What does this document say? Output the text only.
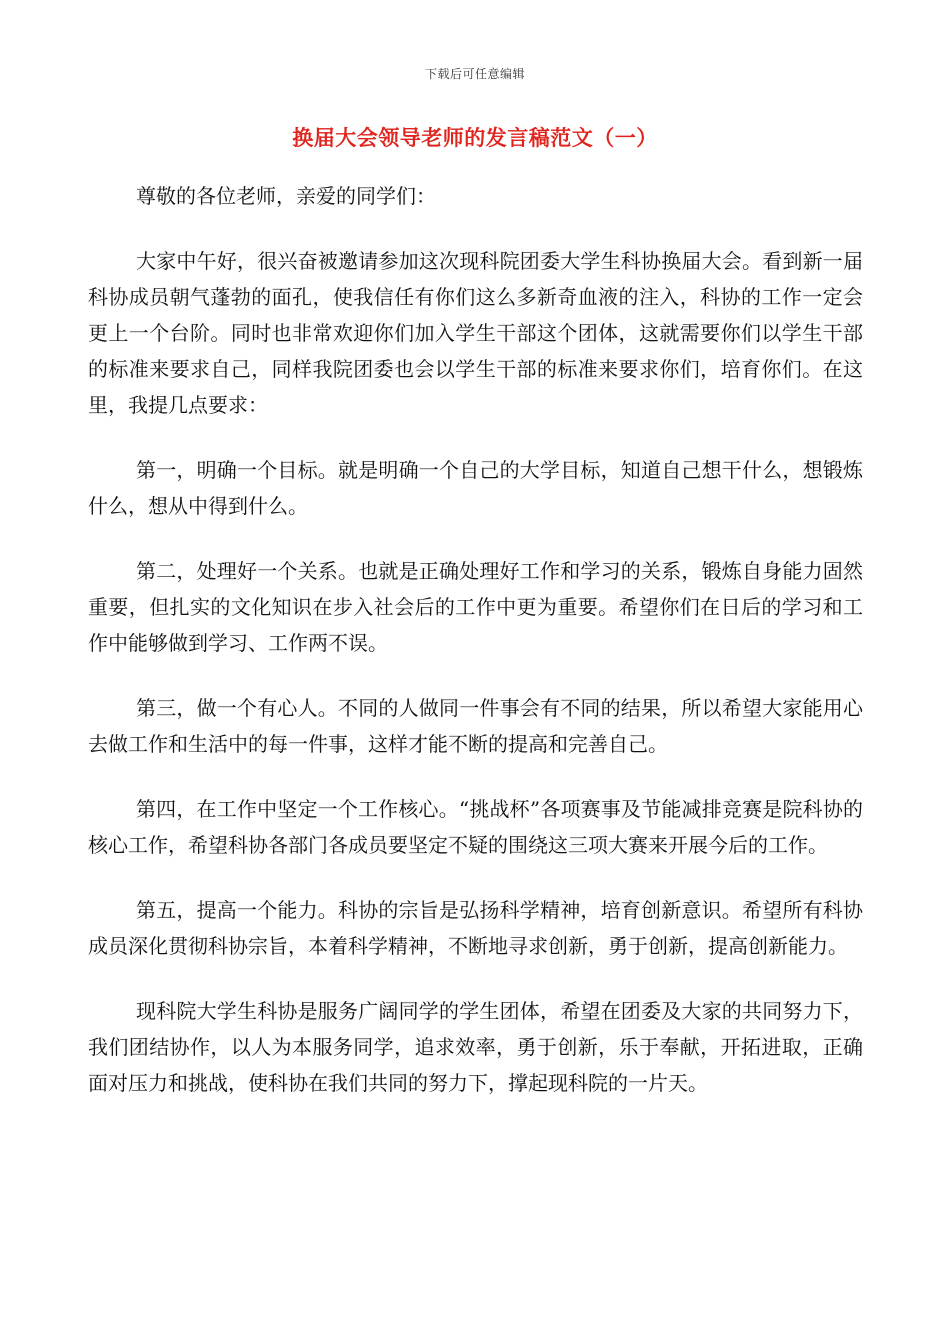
下载后可任意编辑
换届大会领导老师的发言稿范文（一）

尊敬的各位老师，亲爱的同学们：

大家中午好，很兴奋被邀请参加这次现科院团委大学生科协换届大会。看到新一届科协成员朝气蓬勃的面孔，使我信任有你们这么多新奇血液的注入，科协的工作一定会更上一个台阶。同时也非常欢迎你们加入学生干部这个团体，这就需要你们以学生干部的标准来要求自己，同样我院团委也会以学生干部的标准来要求你们，培育你们。在这里，我提几点要求：

第一，明确一个目标。就是明确一个自己的大学目标，知道自己想干什么，想锻炼什么，想从中得到什么。

第二，处理好一个关系。也就是正确处理好工作和学习的关系，锻炼自身能力固然重要，但扎实的文化知识在步入社会后的工作中更为重要。希望你们在日后的学习和工作中能够做到学习、工作两不误。

第三，做一个有心人。不同的人做同一件事会有不同的结果，所以希望大家能用心去做工作和生活中的每一件事，这样才能不断的提高和完善自己。

第四，在工作中坚定一个工作核心。“挑战杯”各项赛事及节能减排竞赛是院科协的核心工作，希望科协各部门各成员要坚定不疑的围绕这三项大赛来开展今后的工作。

第五，提高一个能力。科协的宗旨是弘扬科学精神，培育创新意识。希望所有科协成员深化贯彻科协宗旨，本着科学精神，不断地寻求创新，勇于创新，提高创新能力。

现科院大学生科协是服务广阔同学的学生团体，希望在团委及大家的共同努力下，我们团结协作，以人为本服务同学，追求效率，勇于创新，乐于奉献，开拓进取，正确面对压力和挑战，使科协在我们共同的努力下，撑起现科院的一片天。
